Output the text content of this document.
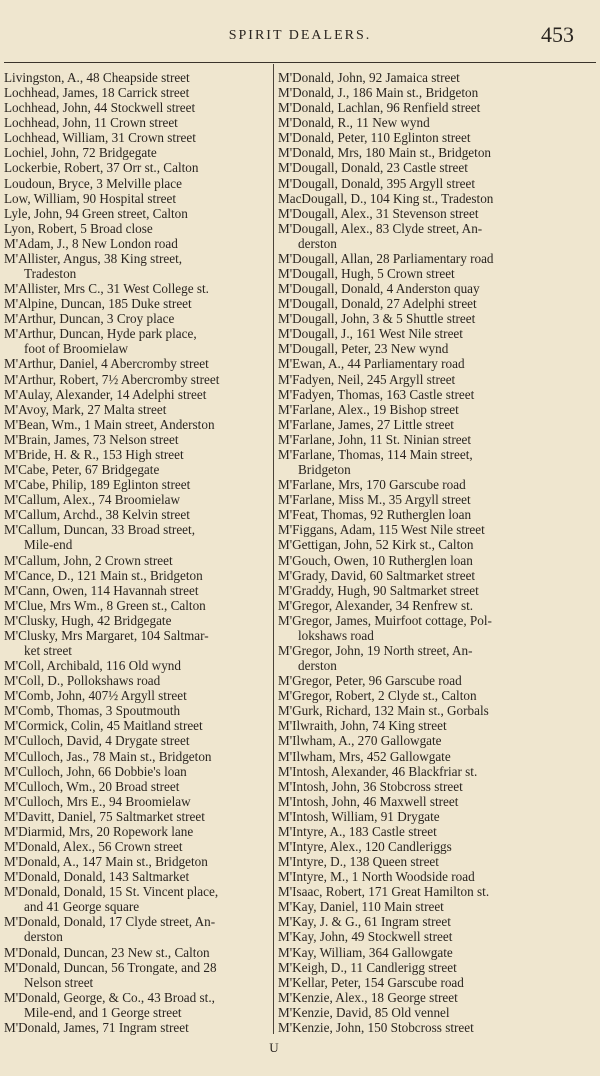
SPIRIT DEALERS.	453
Livingston, A., 48 Cheapside street
Lochhead, James, 18 Carrick street
Lochhead, John, 44 Stockwell street
Lochhead, John, 11 Crown street
Lochhead, William, 31 Crown street
Lochiel, John, 72 Bridgegate
Lockerbie, Robert, 37 Orr st., Calton
Loudoun, Bryce, 3 Melville place
Low, William, 90 Hospital street
Lyle, John, 94 Green street, Calton
Lyon, Robert, 5 Broad close
M'Adam, J., 8 New London road
M'Allister, Angus, 38 King street,
Tradeston
M'Allister, Mrs C., 31 West College st.
M'Alpine, Duncan, 185 Duke street
M'Arthur, Duncan, 3 Croy place
M'Arthur, Duncan, Hyde park place,
foot of Broomielaw
M'Arthur, Daniel, 4 Abercromby street
M'Arthur, Robert, 7½ Abercromby street
M'Aulay, Alexander, 14 Adelphi street
M'Avoy, Mark, 27 Malta street
M'Bean, Wm., 1 Main street, Anderston
M'Brain, James, 73 Nelson street
M'Bride, H. & R., 153 High street
M'Cabe, Peter, 67 Bridgegate
M'Cabe, Philip, 189 Eglinton street
M'Callum, Alex., 74 Broomielaw
M'Callum, Archd., 38 Kelvin street
M'Callum, Duncan, 33 Broad street,
Mile-end
M'Callum, John, 2 Crown street
M'Cance, D., 121 Main st., Bridgeton
M'Cann, Owen, 114 Havannah street
M'Clue, Mrs Wm., 8 Green st., Calton
M'Clusky, Hugh, 42 Bridgegate
M'Clusky, Mrs Margaret, 104 Saltmar-
ket street
M'Coll, Archibald, 116 Old wynd
M'Coll, D., Pollokshaws road
M'Comb, John, 407½ Argyll street
M'Comb, Thomas, 3 Spoutmouth
M'Cormick, Colin, 45 Maitland street
M'Culloch, David, 4 Drygate street
M'Culloch, Jas., 78 Main st., Bridgeton
M'Culloch, John, 66 Dobbie's loan
M'Culloch, Wm., 20 Broad street
M'Culloch, Mrs E., 94 Broomielaw
M'Davitt, Daniel, 75 Saltmarket street
M'Diarmid, Mrs, 20 Ropework lane
M'Donald, Alex., 56 Crown street
M'Donald, A., 147 Main st., Bridgeton
M'Donald, Donald, 143 Saltmarket
M'Donald, Donald, 15 St. Vincent place,
and 41 George square
M'Donald, Donald, 17 Clyde street, An-
derston
M'Donald, Duncan, 23 New st., Calton
M'Donald, Duncan, 56 Trongate, and 28
Nelson street
M'Donald, George, & Co., 43 Broad st.,
Mile-end, and 1 George street
M'Donald, James, 71 Ingram street
M'Donald, John, 92 Jamaica street
M'Donald, J., 186 Main st., Bridgeton
M'Donald, Lachlan, 96 Renfield street
M'Donald, R., 11 New wynd
M'Donald, Peter, 110 Eglinton street
M'Donald, Mrs, 180 Main st., Bridgeton
M'Dougall, Donald, 23 Castle street
M'Dougall, Donald, 395 Argyll street
MacDougall, D., 104 King st., Tradeston
M'Dougall, Alex., 31 Stevenson street
M'Dougall, Alex., 83 Clyde street, An-
derston
M'Dougall, Allan, 28 Parliamentary road
M'Dougall, Hugh, 5 Crown street
M'Dougall, Donald, 4 Anderston quay
M'Dougall, Donald, 27 Adelphi street
M'Dougall, John, 3 & 5 Shuttle street
M'Dougall, J., 161 West Nile street
M'Dougall, Peter, 23 New wynd
M'Ewan, A., 44 Parliamentary road
M'Fadyen, Neil, 245 Argyll street
M'Fadyen, Thomas, 163 Castle street
M'Farlane, Alex., 19 Bishop street
M'Farlane, James, 27 Little street
M'Farlane, John, 11 St. Ninian street
M'Farlane, Thomas, 114 Main street,
Bridgeton
M'Farlane, Mrs, 170 Garscube road
M'Farlane, Miss M., 35 Argyll street
M'Feat, Thomas, 92 Rutherglen loan
M'Figgans, Adam, 115 West Nile street
M'Gettigan, John, 52 Kirk st., Calton
M'Gouch, Owen, 10 Rutherglen loan
M'Grady, David, 60 Saltmarket street
M'Graddy, Hugh, 90 Saltmarket street
M'Gregor, Alexander, 34 Renfrew st.
M'Gregor, James, Muirfoot cottage, Pol-
lokshaws road
M'Gregor, John, 19 North street, An-
derston
M'Gregor, Peter, 96 Garscube road
M'Gregor, Robert, 2 Clyde st., Calton
M'Gurk, Richard, 132 Main st., Gorbals
M'Ilwraith, John, 74 King street
M'Ilwham, A., 270 Gallowgate
M'Ilwham, Mrs, 452 Gallowgate
M'Intosh, Alexander, 46 Blackfriar st.
M'Intosh, John, 36 Stobcross street
M'Intosh, John, 46 Maxwell street
M'Intosh, William, 91 Drygate
M'Intyre, A., 183 Castle street
M'Intyre, Alex., 120 Candleriggs
M'Intyre, D., 138 Queen street
M'Intyre, M., 1 North Woodside road
M'Isaac, Robert, 171 Great Hamilton st.
M'Kay, Daniel, 110 Main street
M'Kay, J. & G., 61 Ingram street
M'Kay, John, 49 Stockwell street
M'Kay, William, 364 Gallowgate
M'Keigh, D., 11 Candlerigg street
M'Kellar, Peter, 154 Garscube road
M'Kenzie, Alex., 18 George street
M'Kenzie, David, 85 Old vennel
M'Kenzie, John, 150 Stobcross street
U
